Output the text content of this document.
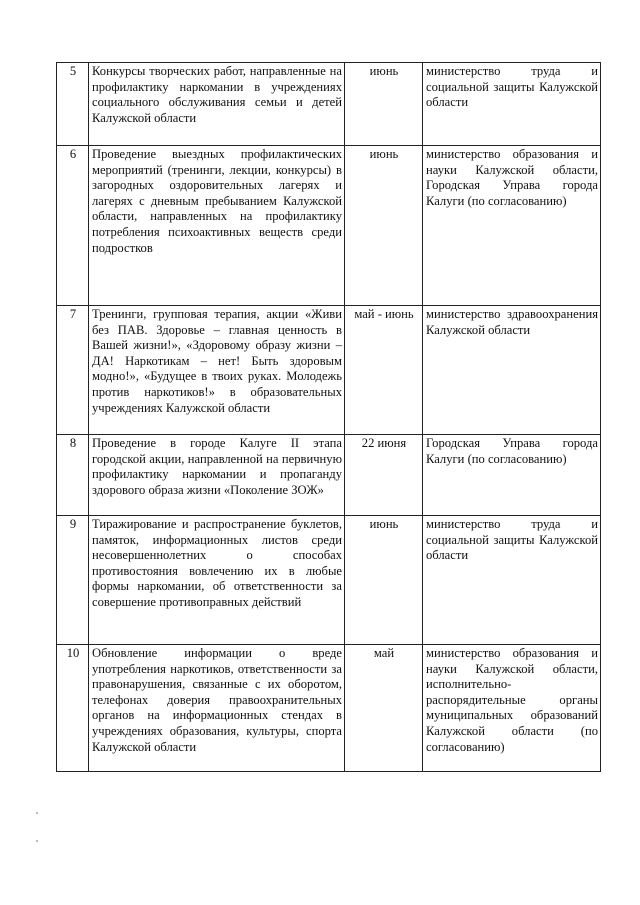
5	Конкурсы творческих работ, направленные на профилактику наркомании в учреждениях социального обслуживания семьи и детей Калужской области	июнь	министерство труда и социальной защиты Калужской области
6	Проведение выездных профилактических мероприятий (тренинги, лекции, конкурсы) в загородных оздоровительных лагерях и лагерях с дневным пребыванием Калужской области, направленных на профилактику потребления психоактивных веществ среди подростков	июнь	министерство образования и науки Калужской области, Городская Управа города Калуги (по согласованию)
7	Тренинги, групповая терапия, акции «Живи без ПАВ. Здоровье – главная ценность в Вашей жизни!», «Здоровому образу жизни – ДА! Наркотикам – нет! Быть здоровым модно!», «Будущее в твоих руках. Молодежь против наркотиков!» в образовательных учреждениях Калужской области	май - июнь	министерство здравоохранения Калужской области
8	Проведение в городе Калуге II этапа городской акции, направленной на первичную профилактику наркомании и пропаганду здорового образа жизни «Поколение ЗОЖ»	22 июня	Городская Управа города Калуги (по согласованию)
9	Тиражирование и распространение буклетов, памяток, информационных листов среди несовершеннолетних о способах противостояния вовлечению их в любые формы наркомании, об ответственности за совершение противоправных действий	июнь	министерство труда и социальной защиты Калужской области
10	Обновление информации о вреде употребления наркотиков, ответственности за правонарушения, связанные с их оборотом, телефонах доверия правоохранительных органов на информационных стендах в учреждениях образования, культуры, спорта Калужской области	май	министерство образования и науки Калужской области, исполнительно-распорядительные органы муниципальных образований Калужской области (по согласованию)
